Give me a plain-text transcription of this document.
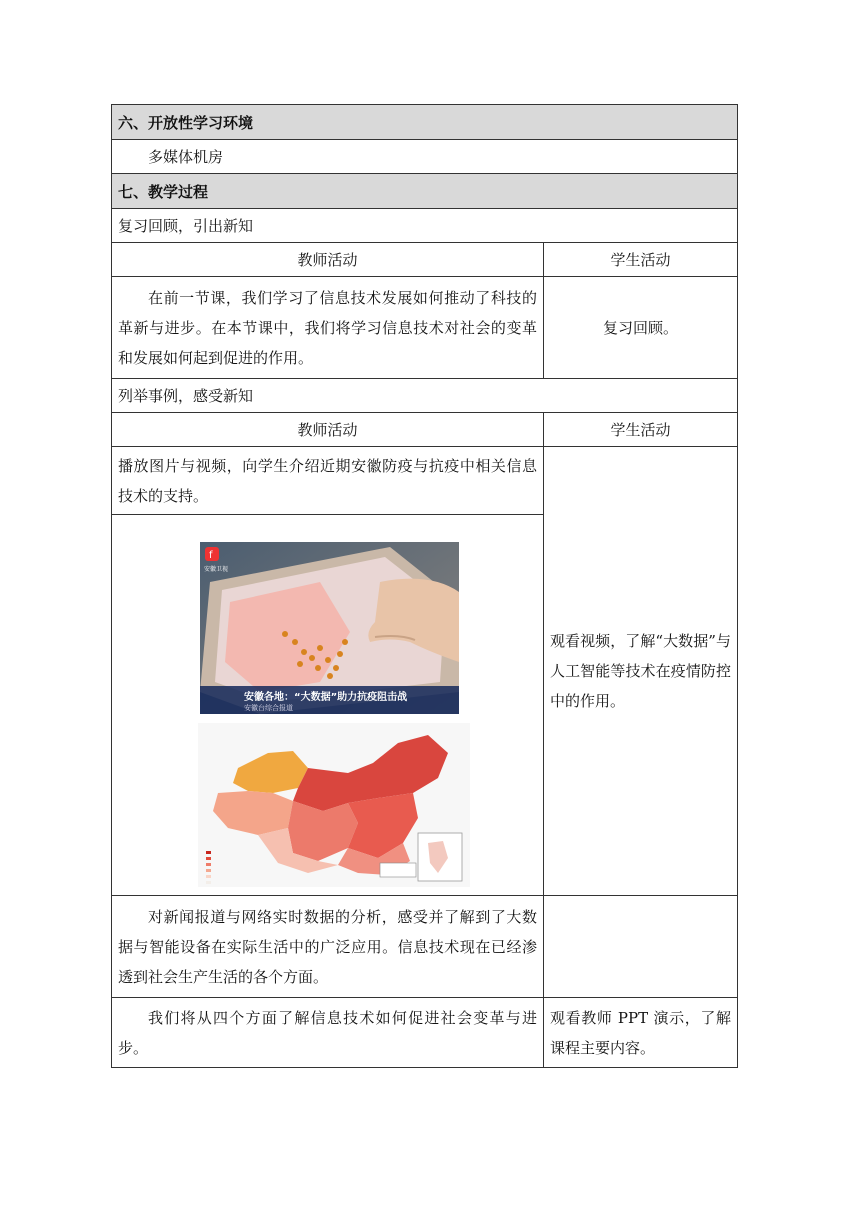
六、开放性学习环境	
多媒体机房	
七、教学过程	
复习回顾，引出新知	
教师活动	学生活动
在前一节课，我们学习了信息技术发展如何推动了科技的革新与进步。在本节课中，我们将学习信息技术对社会的变革和发展如何起到促进的作用。	复习回顾。
列举事例，感受新知	
教师活动	学生活动
播放图片与视频，向学生介绍近期安徽防疫与抗疫中相关信息技术的支持。	观看视频，了解“大数据”与人工智能等技术在疫情防控中的作用。

f
安徽卫视
安徽各地：“大数据”助力抗疫阻击战
安徽台综合报道	

对新闻报道与网络实时数据的分析，感受并了解到了大数据与智能设备在实际生活中的广泛应用。信息技术现在已经渗透到社会生产生活的各个方面。	
我们将从四个方面了解信息技术如何促进社会变革与进步。	观看教师 PPT 演示，了解课程主要内容。
